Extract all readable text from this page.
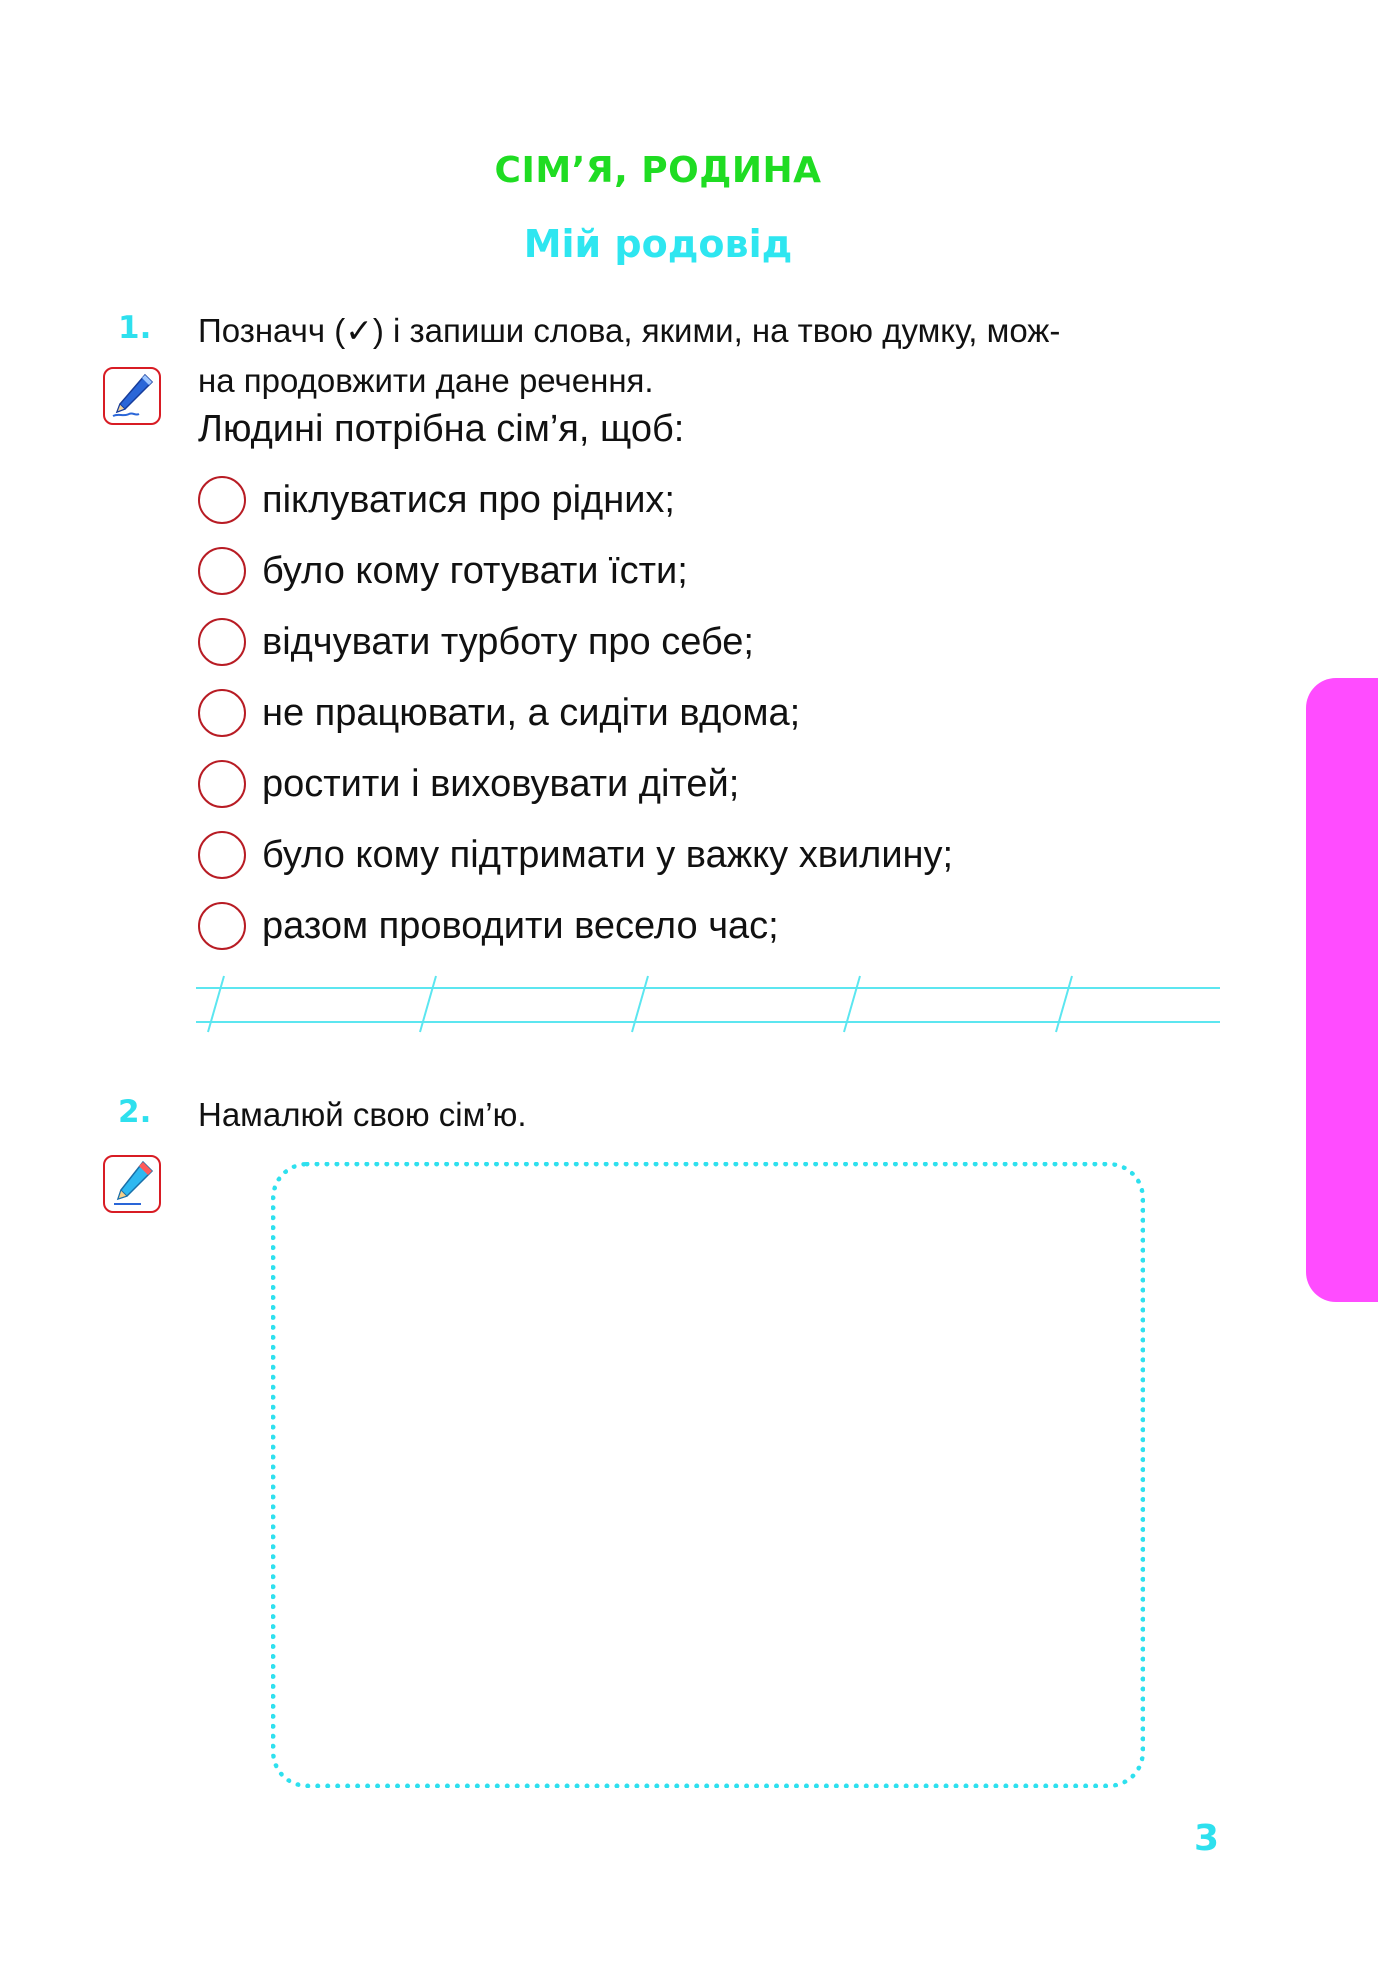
СІМ’Я, РОДИНА
Мій родовід
1. Позначч (✓) і запиши слова, якими, на твою думку, мож-
на продовжити дане речення.
Людині потрібна сім’я, щоб:
піклуватися про рідних;
було кому готувати їсти;
відчувати турботу про себе;
не працювати, а сидіти вдома;
ростити і виховувати дітей;
було кому підтримати у важку хвилину;
разом проводити весело час;
2. Намалюй свою сім’ю.
3
